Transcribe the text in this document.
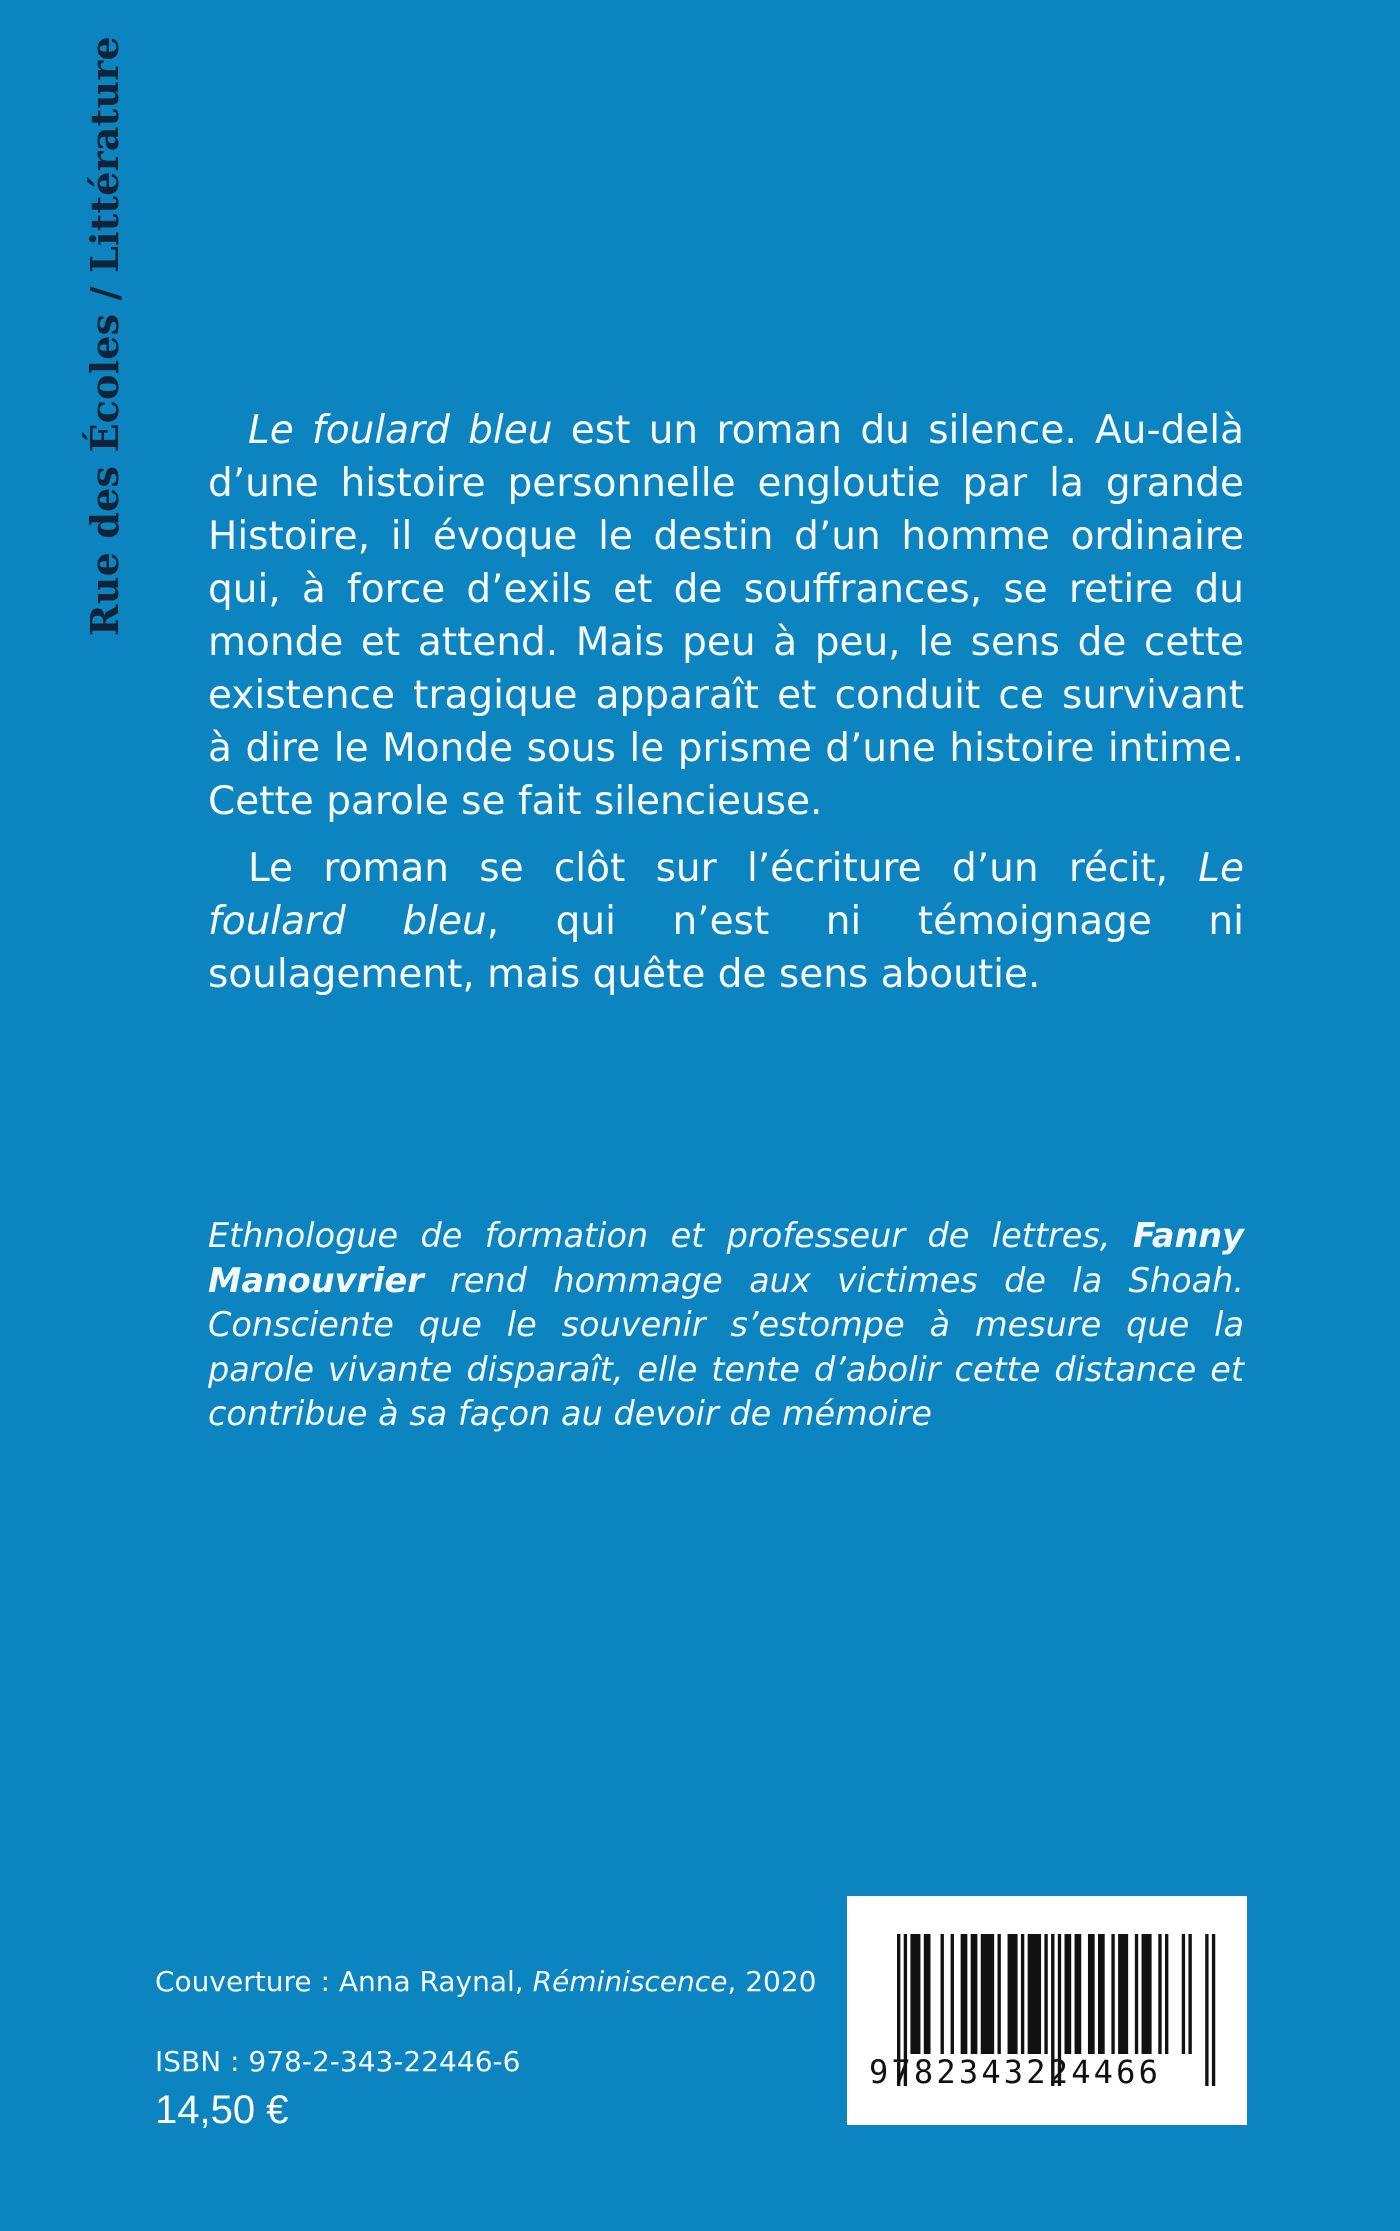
Rue des Écoles / Littérature	Le foulard bleu est un roman du silence. Au-delà d’une histoire personnelle engloutie par la grande Histoire, il évoque le destin d’un homme ordinaire qui, à force d’exils et de souffrances, se retire du monde et attend. Mais peu à peu, le sens de cette existence tragique apparaît et conduit ce survivant à dire le Monde sous le prisme d’une histoire intime. Cette parole se fait silencieuse.

Le roman se clôt sur l’écriture d’un récit, Le foulard bleu, qui n’est ni témoignage ni soulagement, mais quête de sens aboutie.

Ethnologue de formation et professeur de lettres, Fanny Manouvrier rend hommage aux victimes de la Shoah. Consciente que le souvenir s’estompe à mesure que la parole vivante disparaît, elle tente d’abolir cette distance et contribue à sa façon au devoir de mémoire
Couverture : Anna Raynal, Réminiscence, 2020
ISBN : 978-2-343-22446-6
14,50 €
9782343224466
